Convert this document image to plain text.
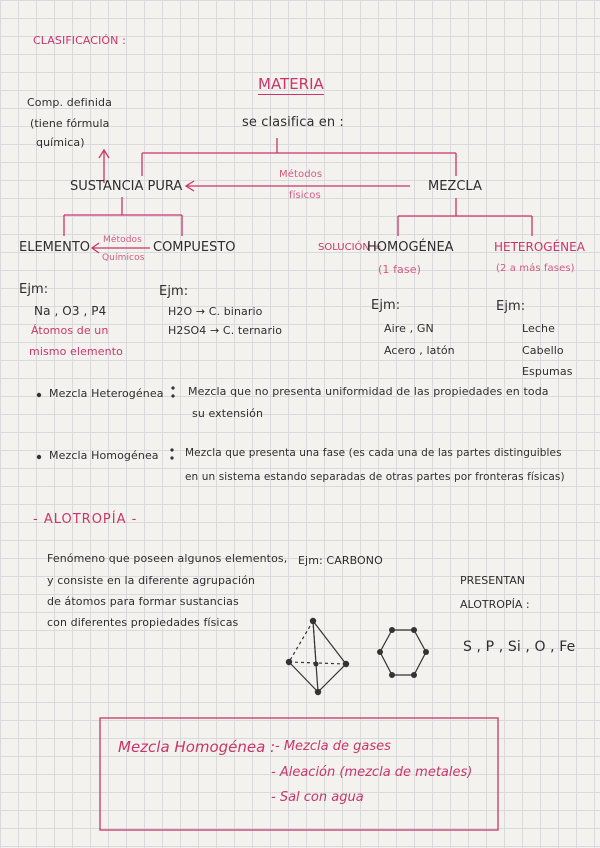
CLASIFICACIÓN :
MATERIA
se clasifica en :
Comp. definida
(tiene fórmula
química)
SUSTANCIA PURA
Métodos
físicos
MEZCLA
ELEMENTO Métodos
Químicos
COMPUESTO	SOLUCIÓN =
HOMOGÉNEA
(1 fase)
HETEROGÉNEA
(2 a más fases)
Ejm:
Na , O3 , P4
Átomos de un
mismo elemento
Ejm:
H2O → C. binario
H2SO4 → C. ternario
Ejm:
Aire , GN
Acero , latón
Ejm:
Leche
Cabello
Espumas
Mezcla Heterogénea Mezcla que no presenta uniformidad de las propiedades en toda
su extensión
Mezcla Homogénea	Mezcla que presenta una fase (es cada una de las partes distinguibles
en un sistema estando separadas de otras partes por fronteras físicas)
- ALOTROPÍA -
Fenómeno que poseen algunos elementos,
y consiste en la diferente agrupación
de átomos para formar sustancias
con diferentes propiedades físicas
Ejm: CARBONO
PRESENTAN
ALOTROPÍA :
S , P , Si , O , Fe
Mezcla Homogénea : - Mezcla de gases
- Aleación (mezcla de metales)
- Sal con agua
